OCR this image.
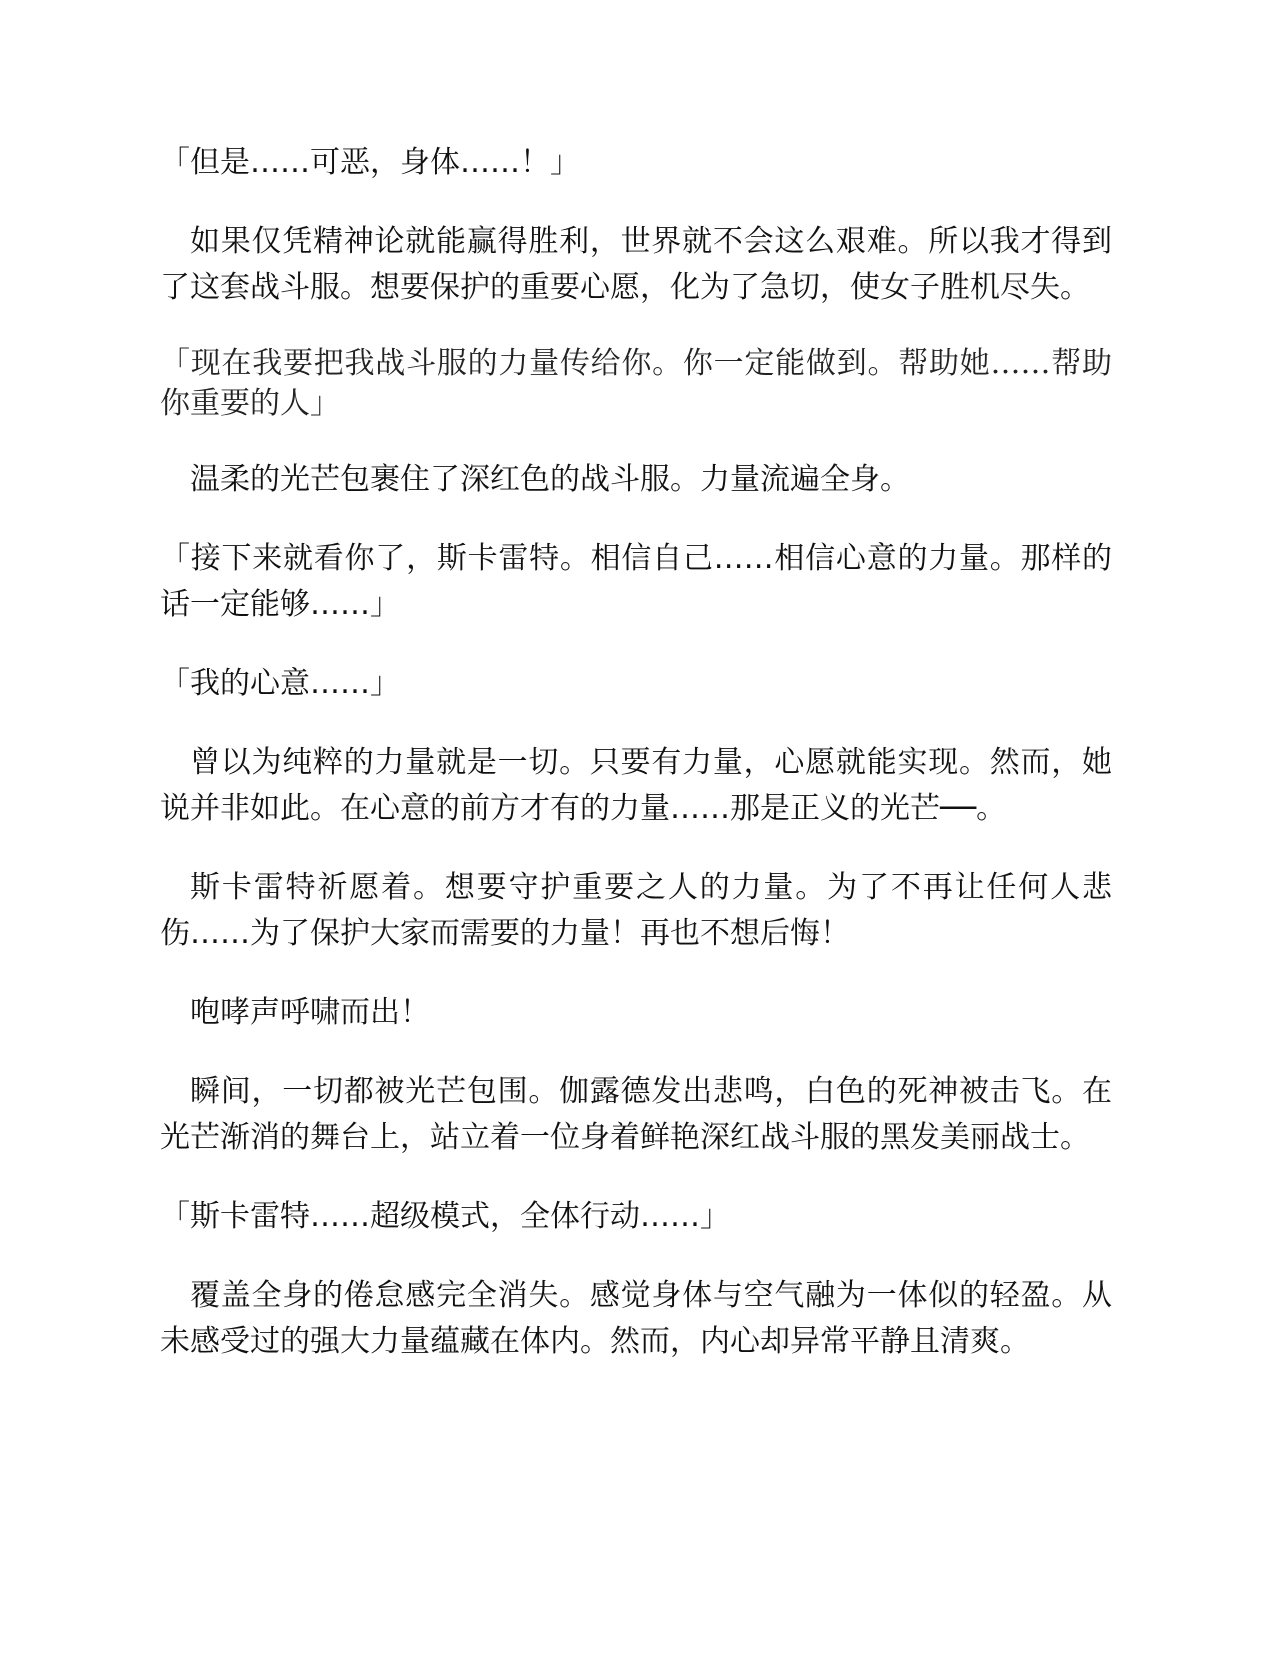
「但是……可恶，身体……！」

如果仅凭精神论就能赢得胜利，世界就不会这么艰难。所以我才得到了这套战斗服。想要保护的重要心愿，化为了急切，使女子胜机尽失。

「现在我要把我战斗服的力量传给你。你一定能做到。帮助她……帮助你重要的人」

温柔的光芒包裹住了深红色的战斗服。力量流遍全身。

「接下来就看你了，斯卡雷特。相信自己……相信心意的力量。那样的话一定能够……」

「我的心意……」

曾以为纯粹的力量就是一切。只要有力量，心愿就能实现。然而，她说并非如此。在心意的前方才有的力量……那是正义的光芒──。

斯卡雷特祈愿着。想要守护重要之人的力量。为了不再让任何人悲伤……为了保护大家而需要的力量！再也不想后悔！

咆哮声呼啸而出！

瞬间，一切都被光芒包围。伽露德发出悲鸣，白色的死神被击飞。在光芒渐消的舞台上，站立着一位身着鲜艳深红战斗服的黑发美丽战士。

「斯卡雷特……超级模式，全体行动……」

覆盖全身的倦怠感完全消失。感觉身体与空气融为一体似的轻盈。从未感受过的强大力量蕴藏在体内。然而，内心却异常平静且清爽。
